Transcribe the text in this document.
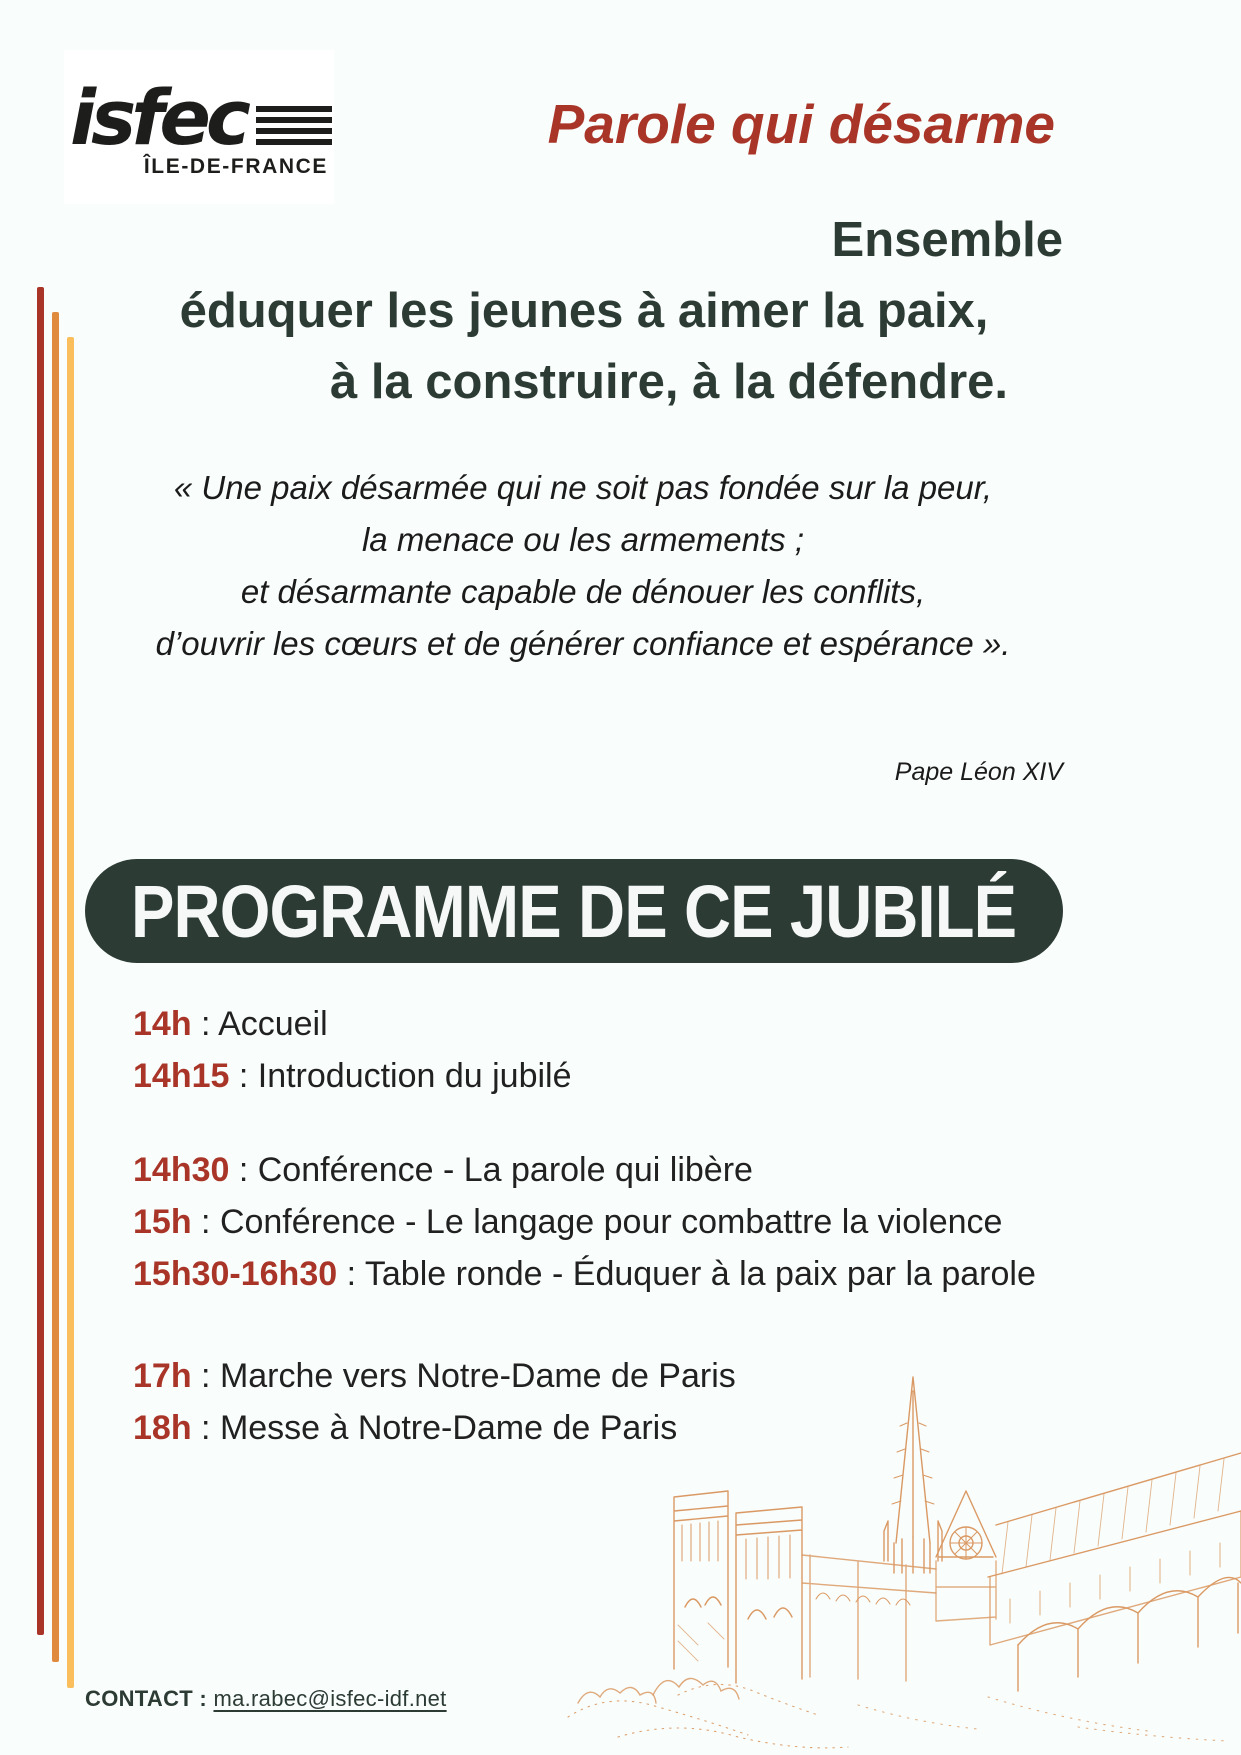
isfec
ÎLE-DE-FRANCE
Parole qui désarme
Ensemble
éduquer les jeunes à aimer la paix,
à la construire, à la défendre.
« Une paix désarmée qui ne soit pas fondée sur la peur,
la menace ou les armements ;
et désarmante capable de dénouer les conflits,
d’ouvrir les cœurs et de générer confiance et espérance ».
Pape Léon XIV
PROGRAMME DE CE JUBILÉ
14h : Accueil
14h15 : Introduction du jubilé
14h30 : Conférence - La parole qui libère
15h : Conférence - Le langage pour combattre la violence
15h30-16h30 : Table ronde - Éduquer à la paix par la parole
17h : Marche vers Notre-Dame de Paris
18h : Messe à Notre-Dame de Paris
CONTACT : ma.rabec@isfec-idf.net
